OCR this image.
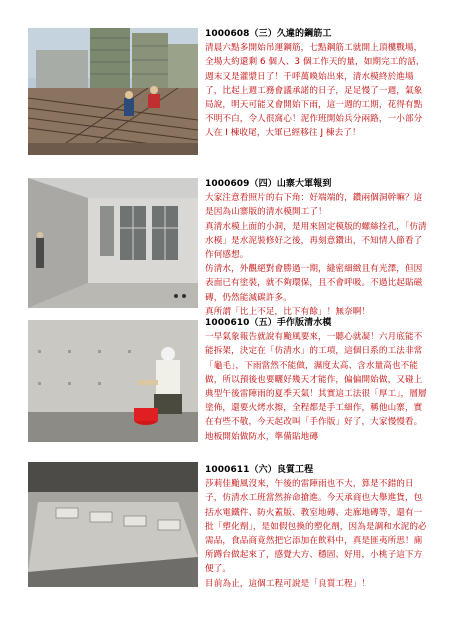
1000608（三）久違的鋼筋工
清晨六點多開始吊運鋼筋，七點鋼筋工就開上頂樓戰場，
全場大約還剩 6 個人、3 個工作天的量，如期完工的話，週末又是灌漿日了！千呼萬喚始出來，清水模終於進場了，比起上週工務會議承諾的日子，足足慢了一週，氣象局說，明天可能又會開始下雨，這一週的工期，花得有點不明不白，令人很窩心！泥作班開始兵分兩路，一小部分人在 I 棟收尾，大軍已經移往 J 棟去了！
1000609（四）山寨大軍報到
大家注意看照片的右下角：好端端的，鑽兩個洞幹嘛？這是因為山寨版的清水模開工了！
真清水模上面的小洞，是用來固定模版的螺絲拴孔，「仿清水模」是水泥裝修好之後，再刻意鑽出，不知情人節看了作何感想。
仿清水，外觀絕對會勝過一期，縫密細緻且有光澤，但因表面已有塗裝，就不夠環保，且不會呼吸。不過比起貼磁磚，仍然能減碳許多。
真所謂「比上不足，比下有餘」！無奈啊！
1000610（五）手作版清水模
一早氣象報告就說有颱風要來，一聽心就凝！六月底能不能拆架，決定在「仿清水」的工項，這個日系的工法非常「龜毛」，下雨當然不能做，濕度太高、含水量高也不能做，所以預後也要曬好幾天才能作，偏偏開始做，又碰上典型午後雷陣雨的夏季天氣！其實這工法很「厚工」，層層塗佈，還要火烤水擦，全程都是手工細作，稱他山寨，實在有些不敬，今天起改叫「手作版」好了，大家慢慢看。地板開始做防水，準備貼地磚
1000611（六）良質工程
莎莉佳颱風沒來，午後的雷陣雨也不大，算是不錯的日子，仿清水工班當然拚命搶進。今天承商也大舉進貨，包括水電鐵件、防火蓋版、教室地磚、走廊地磚等，還有一批「塑化劑」，是如假包換的塑化劑，因為是調和水泥的必需品，食品商竟然把它添加在飲料中，真是匪夷所思！廁所蹲台做起來了，感覺大方、穩固、好用，小桃子這下方便了。
目前為止，這個工程可說是「良質工程」！
